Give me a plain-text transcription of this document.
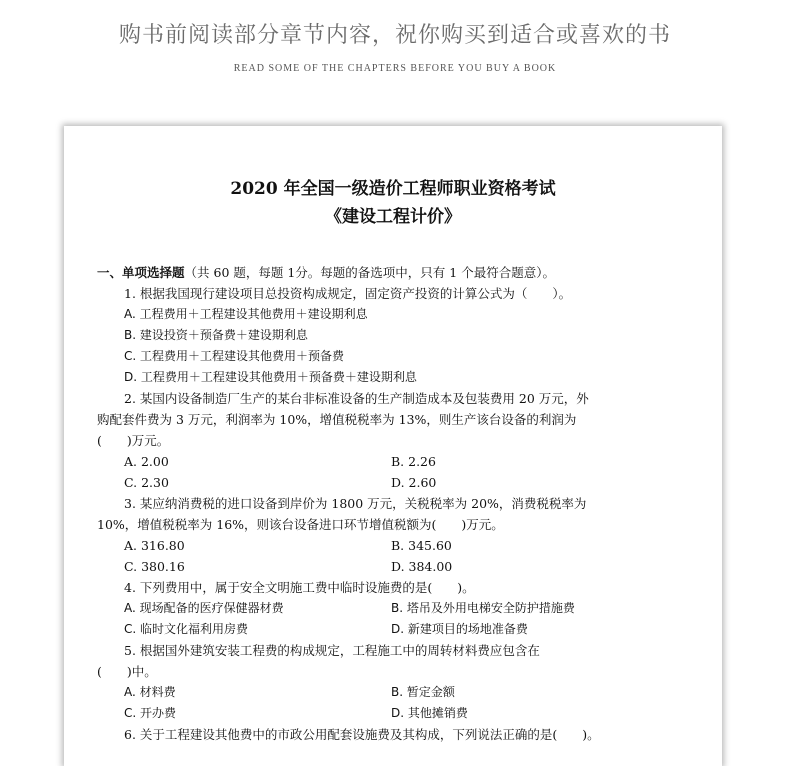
购书前阅读部分章节内容，祝你购买到适合或喜欢的书
READ SOME OF THE CHAPTERS BEFORE YOU BUY A BOOK
2020 年全国一级造价工程师职业资格考试
《建设工程计价》
一、单项选择题（共 60 题，每题 1分。每题的备选项中，只有 1 个最符合题意）。
1. 根据我国现行建设项目总投资构成规定，固定资产投资的计算公式为（　　）。
A. 工程费用＋工程建设其他费用＋建设期利息
B. 建设投资＋预备费＋建设期利息
C. 工程费用＋工程建设其他费用＋预备费
D. 工程费用＋工程建设其他费用＋预备费＋建设期利息
2. 某国内设备制造厂生产的某台非标准设备的生产制造成本及包装费用 20 万元，外
购配套件费为 3 万元，利润率为 10%，增值税税率为 13%，则生产该台设备的利润为
(　　)万元。
A. 2.00	B. 2.26
C. 2.30	D. 2.60
3. 某应纳消费税的进口设备到岸价为 1800 万元，关税税率为 20%，消费税税率为
10%，增值税税率为 16%，则该台设备进口环节增值税额为(　　)万元。
A. 316.80	B. 345.60
C. 380.16	D. 384.00
4. 下列费用中，属于安全文明施工费中临时设施费的是(　　)。
A. 现场配备的医疗保健器材费	B. 塔吊及外用电梯安全防护措施费
C. 临时文化福利用房费	D. 新建项目的场地准备费
5. 根据国外建筑安装工程费的构成规定，工程施工中的周转材料费应包含在
(　　)中。
A. 材料费	B. 暂定金额
C. 开办费	D. 其他摊销费
6. 关于工程建设其他费中的市政公用配套设施费及其构成，下列说法正确的是(　　)。
